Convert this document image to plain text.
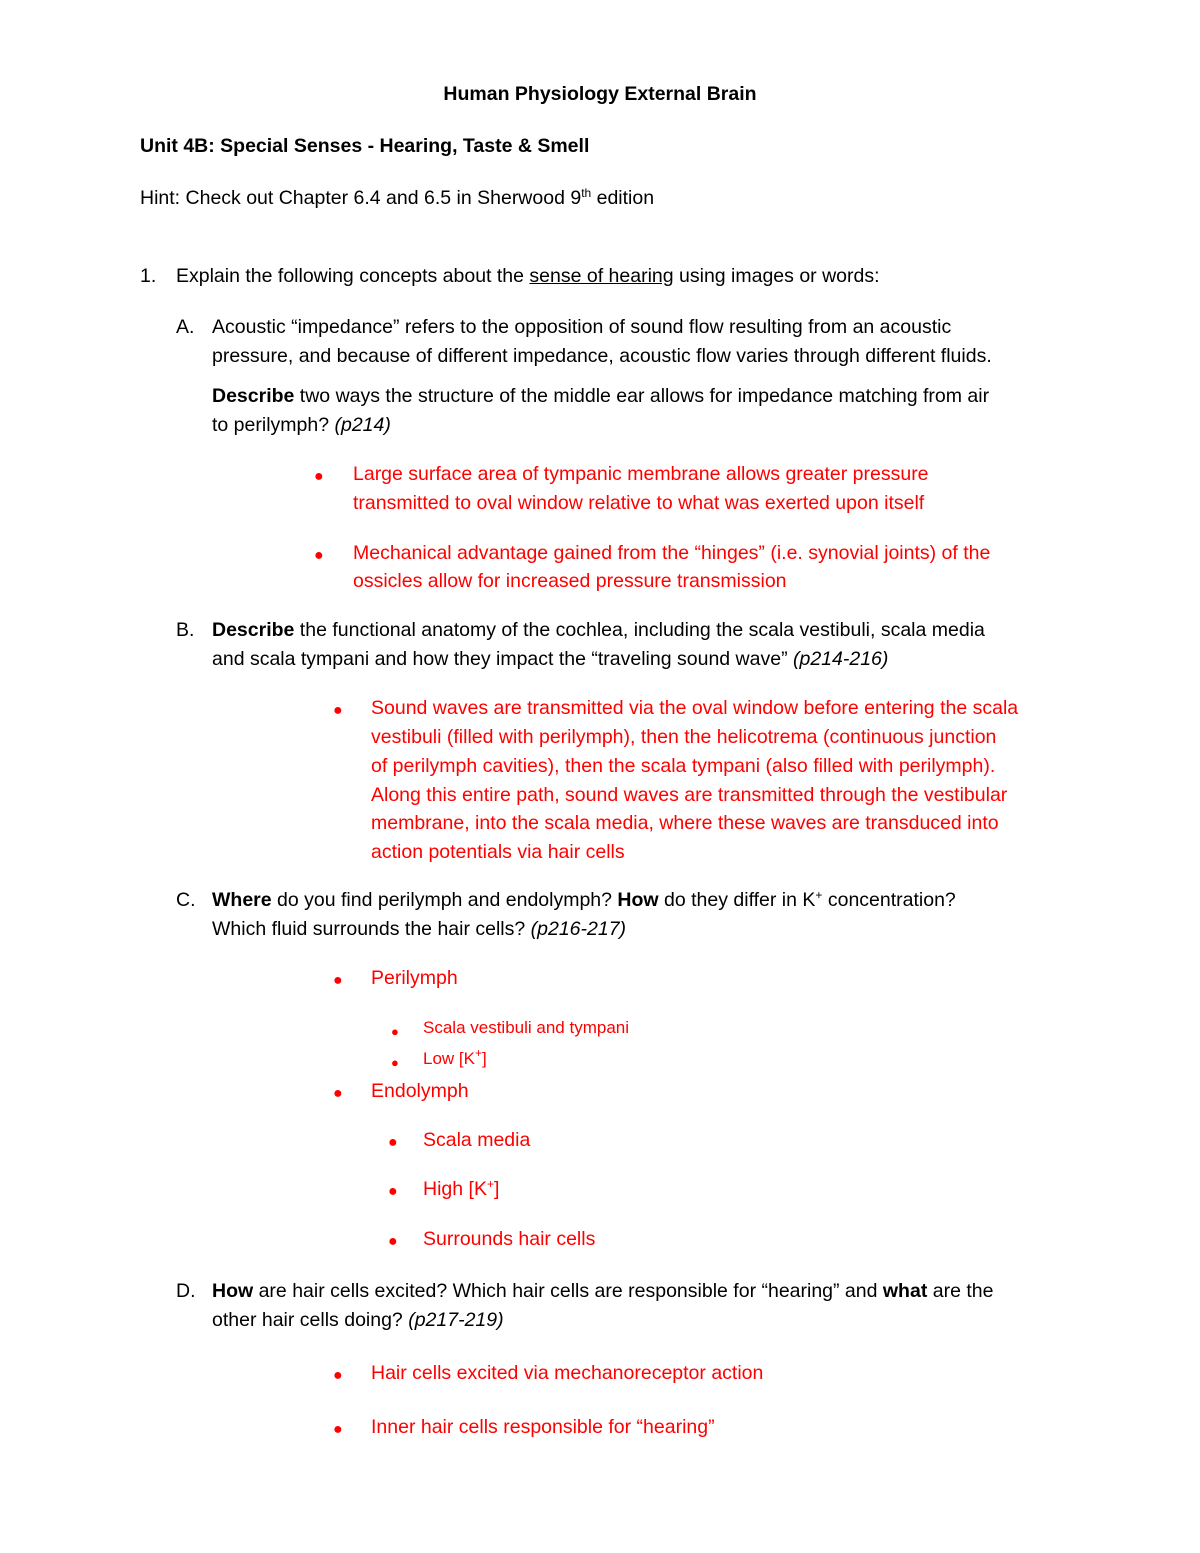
Human Physiology External Brain
Unit 4B: Special Senses - Hearing, Taste & Smell
Hint: Check out Chapter 6.4 and 6.5 in Sherwood 9th edition
1. Explain the following concepts about the sense of hearing using images or words:
A. Acoustic “impedance” refers to the opposition of sound flow resulting from an acoustic
pressure, and because of different impedance, acoustic flow varies through different fluids.
Describe two ways the structure of the middle ear allows for impedance matching from air
to perilymph? (p214)
● Large surface area of tympanic membrane allows greater pressure
transmitted to oval window relative to what was exerted upon itself
● Mechanical advantage gained from the “hinges” (i.e. synovial joints) of the
ossicles allow for increased pressure transmission
B. Describe the functional anatomy of the cochlea, including the scala vestibuli, scala media
and scala tympani and how they impact the “traveling sound wave” (p214-216)
● Sound waves are transmitted via the oval window before entering the scala
vestibuli (filled with perilymph), then the helicotrema (continuous junction
of perilymph cavities), then the scala tympani (also filled with perilymph).
Along this entire path, sound waves are transmitted through the vestibular
membrane, into the scala media, where these waves are transduced into
action potentials via hair cells
C. Where do you find perilymph and endolymph? How do they differ in K+ concentration?
Which fluid surrounds the hair cells? (p216-217)
● Perilymph
● Scala vestibuli and tympani
● Low [K+]
● Endolymph
● Scala media
● High [K+]
● Surrounds hair cells
D. How are hair cells excited? Which hair cells are responsible for “hearing” and what are the
other hair cells doing? (p217-219)
● Hair cells excited via mechanoreceptor action
● Inner hair cells responsible for “hearing”
